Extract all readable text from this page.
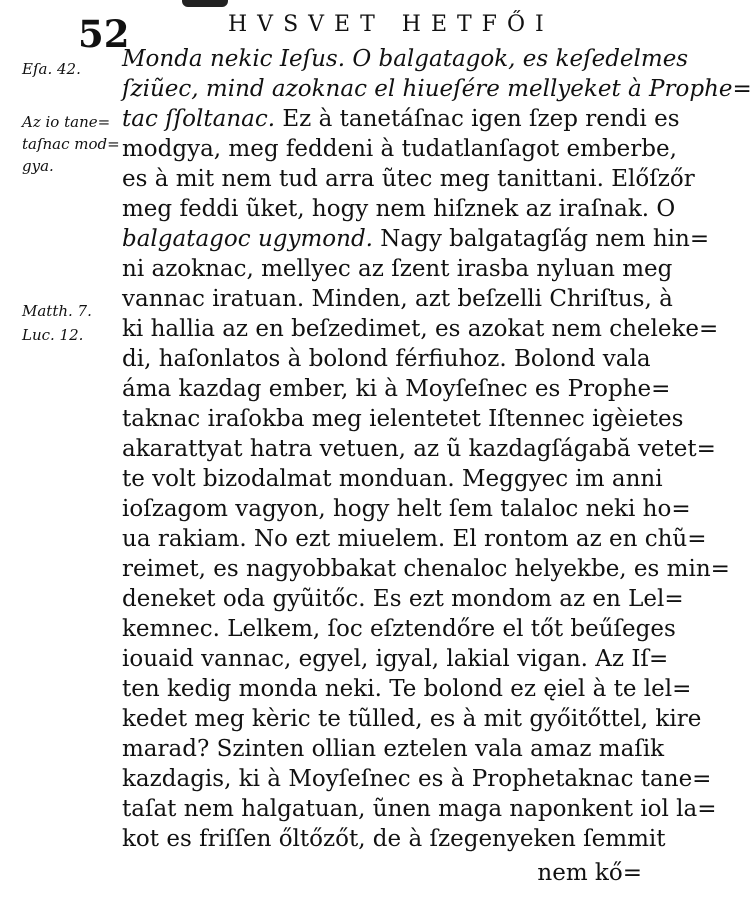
52	HVSVET HETFŐI
Eſa. 42.
Az io tane=
taſnac mod=
gya.
Matth. 7.
Luc. 12.
Monda nekic Ieſus. O balgatagok, es keſedelmes
ſziũec, mind azoknac el hiueſére mellyeket à Prophe=
tac ſſoltanac. Ez à tanetáſnac igen ſzep rendi es
modgya, meg feddeni à tudatlanſagot emberbe,
es à mit nem tud arra ũtec meg tanittani. Előſzőr
meg feddi ũket, hogy nem hiſznek az iraſnak. O
balgatagoc ugymond. Nagy balgatagſág nem hin=
ni azoknac, mellyec az ſzent irasba nyluan meg
vannac iratuan. Minden, azt beſzelli Chriſtus, à
ki hallia az en beſzedimet, es azokat nem cheleke=
di, haſonlatos à bolond férfiuhoz. Bolond vala
áma kazdag ember, ki à Moyſeſnec es Prophe=
taknac iraſokba meg ielentetet Iſtennec igèietes
akarattyat hatra vetuen, az ũ kazdagſágabă vetet=
te volt bizodalmat monduan. Meggyec im anni
ioſzagom vagyon, hogy helt ſem talaloc neki ho=
ua rakiam. No ezt miuelem. El rontom az en chũ=
reimet, es nagyobbakat chenaloc helyekbe, es min=
deneket oda gyũitőc. Es ezt mondom az en Lel=
kemnec. Lelkem, ſoc eſztendőre el tőt beűſeges
iouaid vannac, egyel, igyal, lakial vigan. Az Iſ=
ten kedig monda neki. Te bolond ez ęiel à te lel=
kedet meg kèric te tũlled, es à mit győitőttel, kire
marad? Szinten ollian eztelen vala amaz maſik
kazdagis, ki à Moyſeſnec es à Prophetaknac tane=
taſat nem halgatuan, ũnen maga naponkent iol la=
kot es friſſen őltőzőt, de à ſzegenyeken ſemmit
nem kő=
